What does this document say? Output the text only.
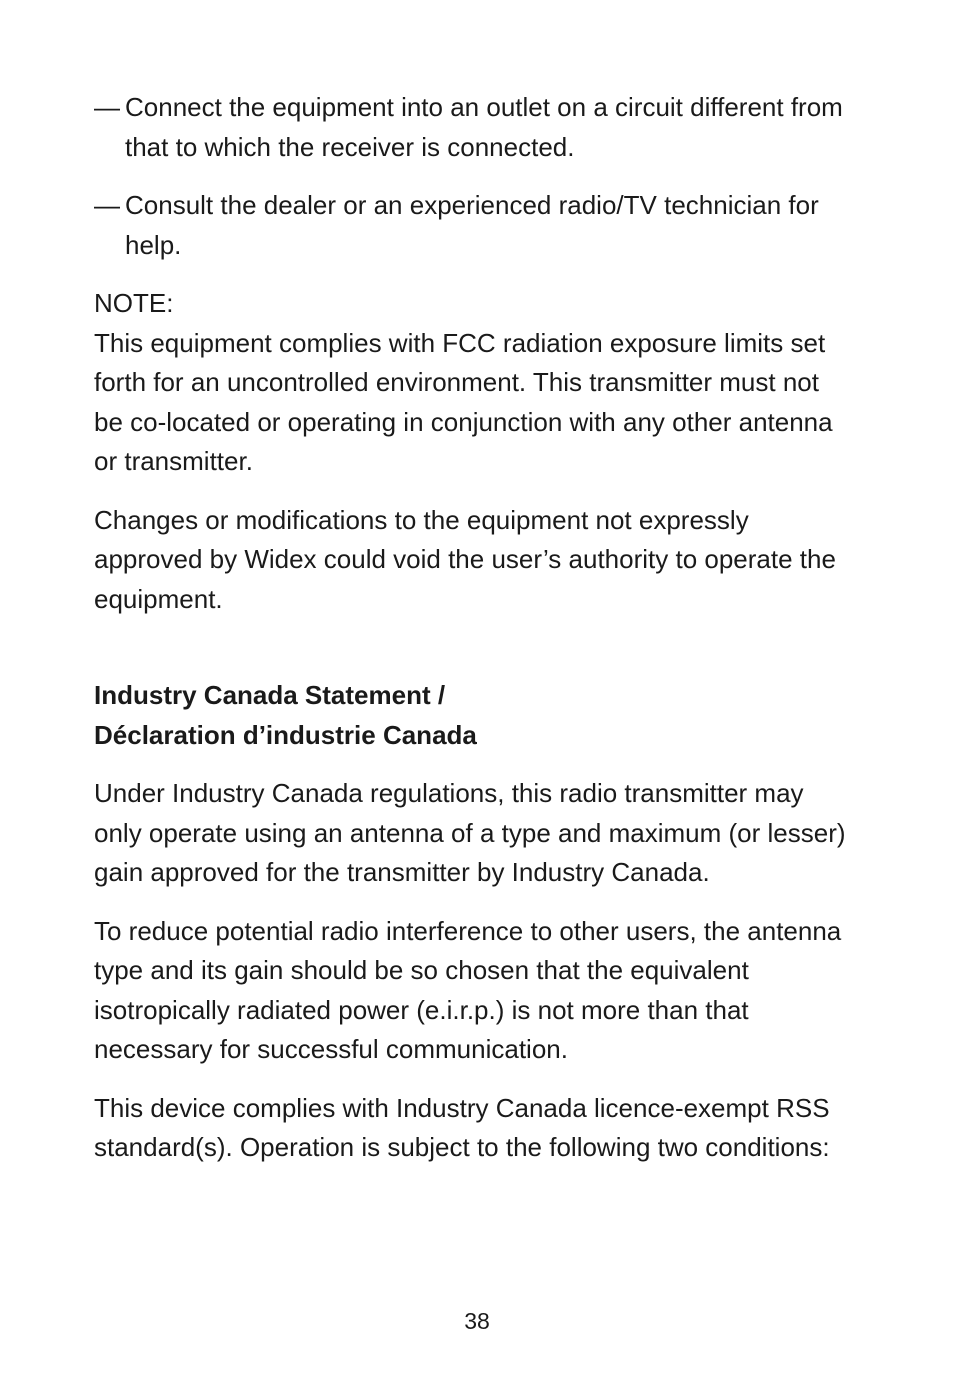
— Connect the equipment into an outlet on a circuit different from that to which the receiver is connected.
— Consult the dealer or an experienced radio/TV technician for help.
NOTE:
This equipment complies with FCC radiation exposure limits set forth for an uncontrolled environment. This transmitter must not be co-located or operating in conjunction with any other antenna or transmitter.
Changes or modifications to the equipment not expressly approved by Widex could void the user’s authority to operate the equipment.
Industry Canada Statement /
Déclaration d’industrie Canada
Under Industry Canada regulations, this radio transmitter may only operate using an antenna of a type and maximum (or lesser) gain approved for the transmitter by Industry Canada.
To reduce potential radio interference to other users, the antenna type and its gain should be so chosen that the equivalent isotropically radiated power (e.i.r.p.) is not more than that necessary for successful communication.
This device complies with Industry Canada licence-exempt RSS standard(s). Operation is subject to the following two conditions:
38
